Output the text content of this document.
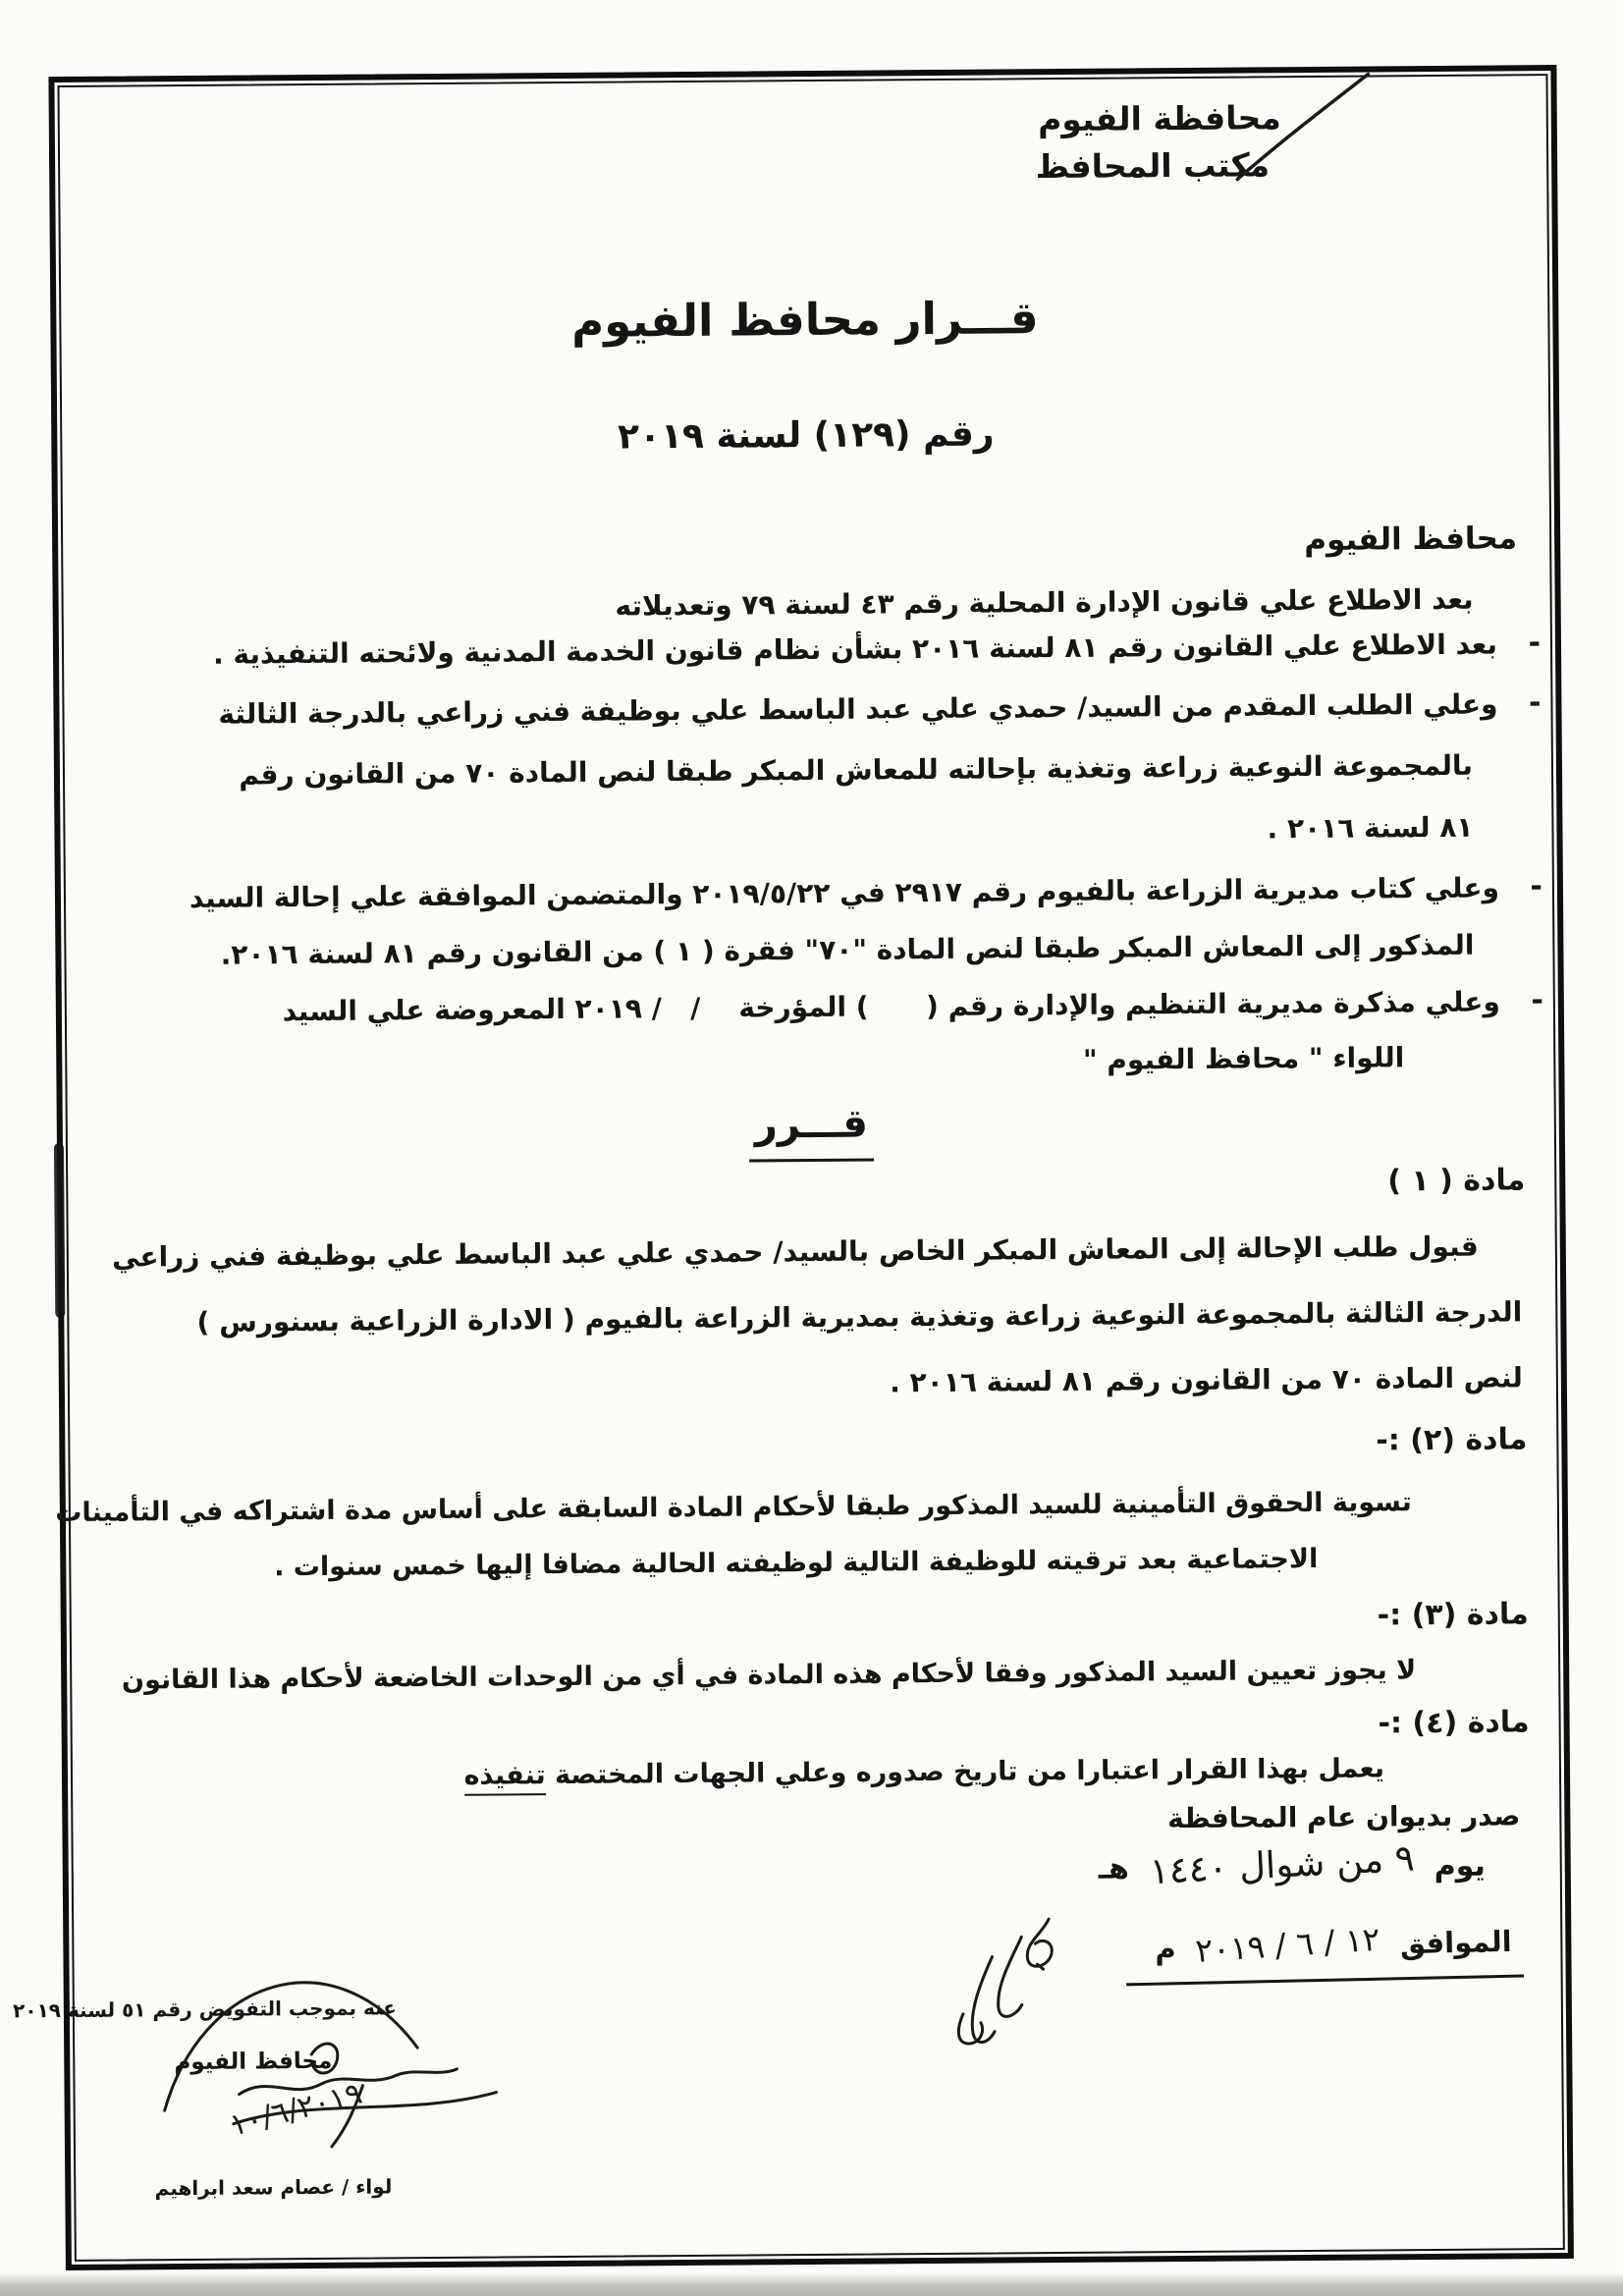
محافظة الفيوم
مكتب المحافظ
قـــرار محافظ الفيوم
رقم (١٢٩) لسنة ٢٠١٩
محافظ الفيوم
بعد الاطلاع علي قانون الإدارة المحلية رقم ٤٣ لسنة ٧٩ وتعديلاته
-
بعد الاطلاع علي القانون رقم ٨١ لسنة ٢٠١٦ بشأن نظام قانون الخدمة المدنية ولائحته التنفيذية .
-
وعلي الطلب المقدم من السيد/ حمدي علي عبد الباسط علي بوظيفة فني زراعي بالدرجة الثالثة
بالمجموعة النوعية زراعة وتغذية بإحالته للمعاش المبكر طبقا لنص المادة ٧٠ من القانون رقم
٨١ لسنة ٢٠١٦ .
-
وعلي كتاب مديرية الزراعة بالفيوم رقم ٢٩١٧ في ٢٠١٩/٥/٢٢ والمتضمن الموافقة علي إحالة السيد
المذكور إلى المعاش المبكر طبقا لنص المادة "٧٠" فقرة ( ١ ) من القانون رقم ٨١ لسنة ٢٠١٦.
-
وعلي مذكرة مديرية التنظيم والإدارة رقم (      ) المؤرخة    /   / ٢٠١٩ المعروضة علي السيد
اللواء " محافظ الفيوم "
قـــرر
مادة ( ١ )
قبول طلب الإحالة إلى المعاش المبكر الخاص بالسيد/ حمدي علي عبد الباسط علي بوظيفة فني زراعي
الدرجة الثالثة بالمجموعة النوعية زراعة وتغذية بمديرية الزراعة بالفيوم ( الادارة الزراعية بسنورس )
لنص المادة ٧٠ من القانون رقم ٨١ لسنة ٢٠١٦ .
مادة (٢) :-
تسوية الحقوق التأمينية للسيد المذكور طبقا لأحكام المادة السابقة على أساس مدة اشتراكه في التأمينات
الاجتماعية بعد ترقيته للوظيفة التالية لوظيفته الحالية مضافا إليها خمس سنوات .
مادة (٣) :-
لا يجوز تعيين السيد المذكور وفقا لأحكام هذه المادة في أي من الوحدات الخاضعة لأحكام هذا القانون
مادة (٤) :-
يعمل بهذا القرار اعتبارا من تاريخ صدوره وعلي الجهات المختصة تنفيذه
صدر بديوان عام المحافظة
يوم ٩ من شوال ١٤٤٠ هـ
الموافق ١٢ ‏/ ‏٦ ‏/ ‏٢٠١٩ م
عنه بموجب التفويض رقم ٥١ لسنة ٢٠١٩
محافظ الفيوم
١٠/٦/٢٠١٩
لواء / عصام سعد ابراهيم
